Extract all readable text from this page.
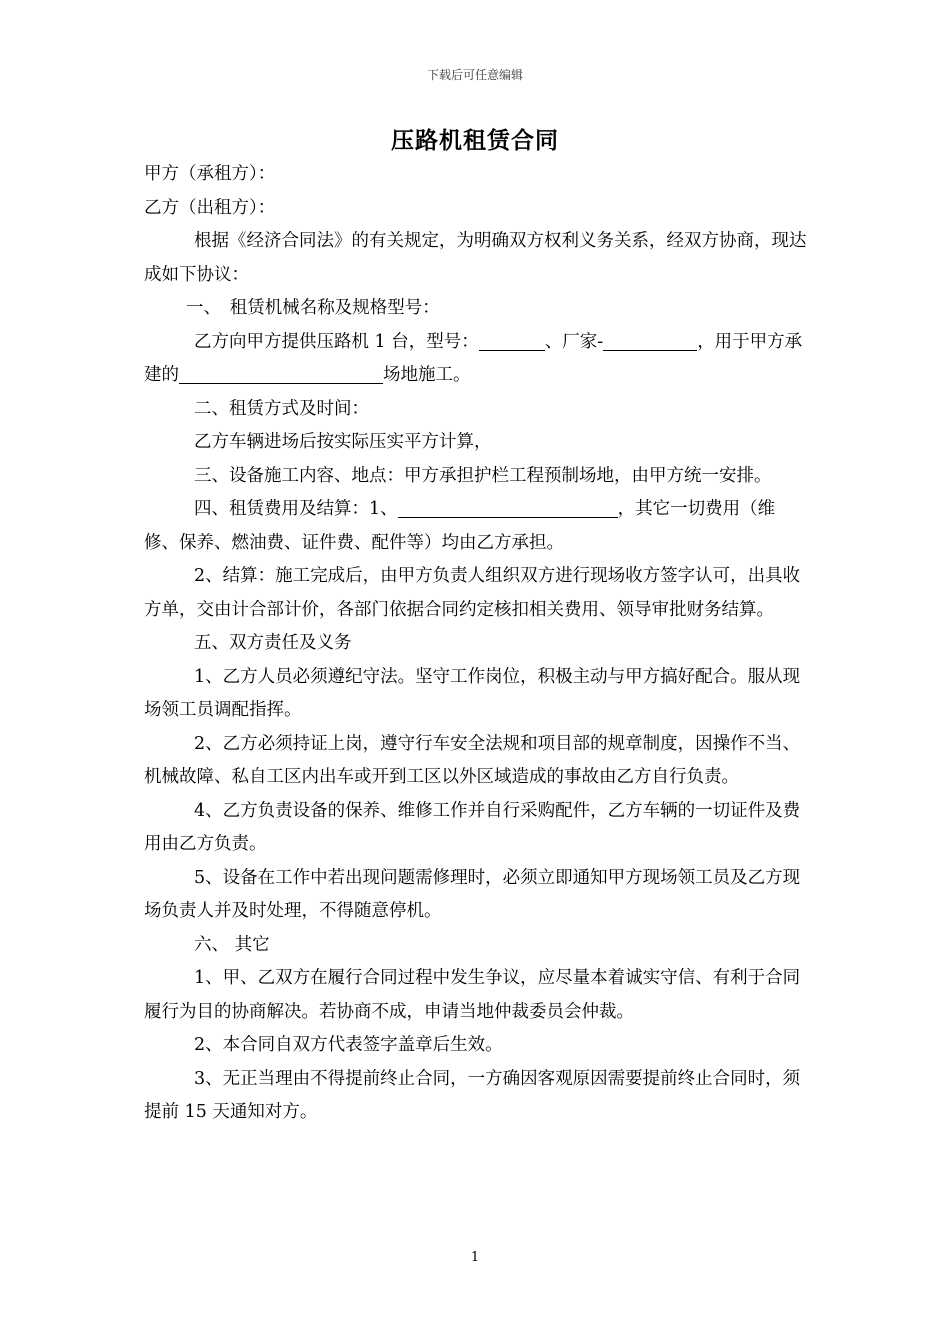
下载后可任意编辑
压路机租赁合同

甲方（承租方）：

乙方（出租方）：

根据《经济合同法》的有关规定，为明确双方权利义务关系，经双方协商，现达成如下协议：

一、　租赁机械名称及规格型号：

乙方向甲方提供压路机 1 台，型号：	、厂家-	，用于甲方承建的	场地施工。

二、租赁方式及时间：

乙方车辆进场后按实际压实平方计算，

三、设备施工内容、地点：甲方承担护栏工程预制场地，由甲方统一安排。

四、租赁费用及结算：1、	，其它一切费用（维修、保养、燃油费、证件费、配件等）均由乙方承担。

2、结算：施工完成后，由甲方负责人组织双方进行现场收方签字认可，出具收方单，交由计合部计价，各部门依据合同约定核扣相关费用、领导审批财务结算。

五、双方责任及义务

1、乙方人员必须遵纪守法。坚守工作岗位，积极主动与甲方搞好配合。服从现场领工员调配指挥。

2、乙方必须持证上岗，遵守行车安全法规和项目部的规章制度，因操作不当、机械故障、私自工区内出车或开到工区以外区域造成的事故由乙方自行负责。

4、乙方负责设备的保养、维修工作并自行采购配件，乙方车辆的一切证件及费用由乙方负责。

5、设备在工作中若出现问题需修理时，必须立即通知甲方现场领工员及乙方现场负责人并及时处理，不得随意停机。

六、 其它

1、甲、乙双方在履行合同过程中发生争议，应尽量本着诚实守信、有利于合同履行为目的协商解决。若协商不成，申请当地仲裁委员会仲裁。

2、本合同自双方代表签字盖章后生效。

3、无正当理由不得提前终止合同，一方确因客观原因需要提前终止合同时，须提前 15 天通知对方。

1
